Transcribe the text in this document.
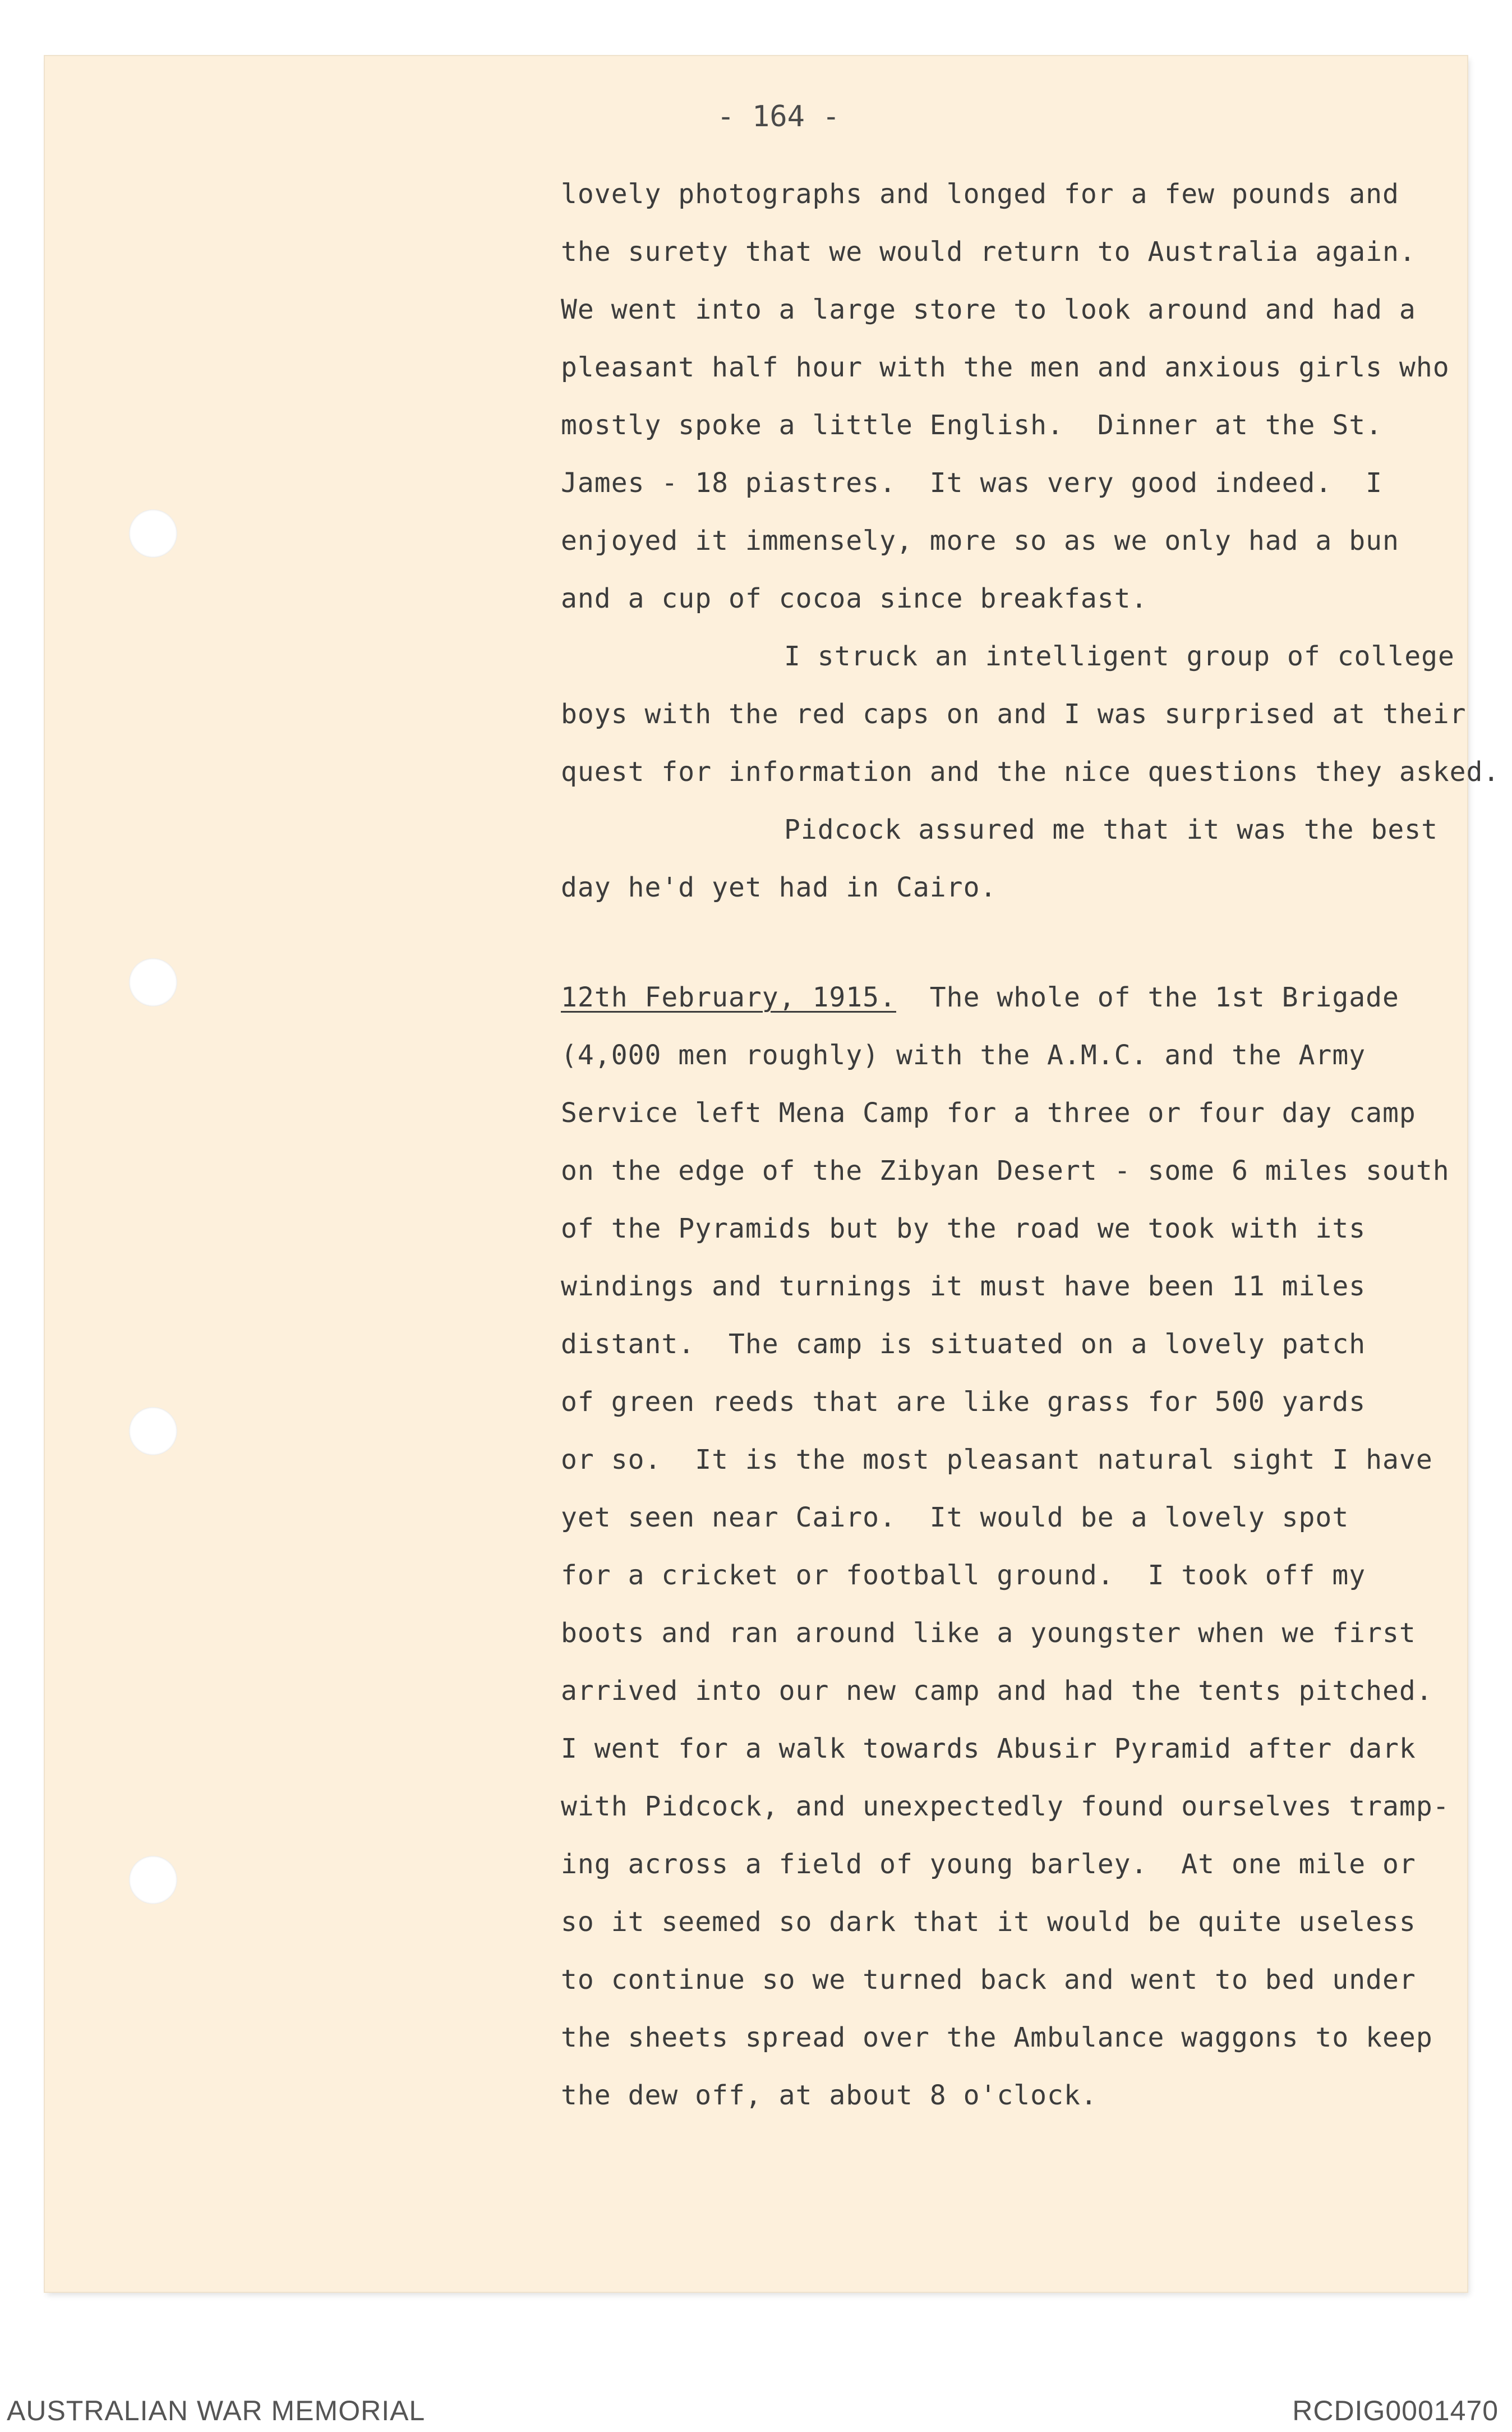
- 164 -
lovely photographs and longed for a few pounds and
the surety that we would return to Australia again.
We went into a large store to look around and had a
pleasant half hour with the men and anxious girls who
mostly spoke a little English.  Dinner at the St.
James - 18 piastres.  It was very good indeed.  I
enjoyed it immensely, more so as we only had a bun
and a cup of cocoa since breakfast.
I struck an intelligent group of college
boys with the red caps on and I was surprised at their
quest for information and the nice questions they asked.
Pidcock assured me that it was the best
day he'd yet had in Cairo.
12th February, 1915.  The whole of the 1st Brigade
(4,000 men roughly) with the A.M.C. and the Army
Service left Mena Camp for a three or four day camp
on the edge of the Zibyan Desert - some 6 miles south
of the Pyramids but by the road we took with its
windings and turnings it must have been 11 miles
distant.  The camp is situated on a lovely patch
of green reeds that are like grass for 500 yards
or so.  It is the most pleasant natural sight I have
yet seen near Cairo.  It would be a lovely spot
for a cricket or football ground.  I took off my
boots and ran around like a youngster when we first
arrived into our new camp and had the tents pitched.
I went for a walk towards Abusir Pyramid after dark
with Pidcock, and unexpectedly found ourselves tramp-
ing across a field of young barley.  At one mile or
so it seemed so dark that it would be quite useless
to continue so we turned back and went to bed under
the sheets spread over the Ambulance waggons to keep
the dew off, at about 8 o'clock.
AUSTRALIAN WAR MEMORIAL	RCDIG0001470
